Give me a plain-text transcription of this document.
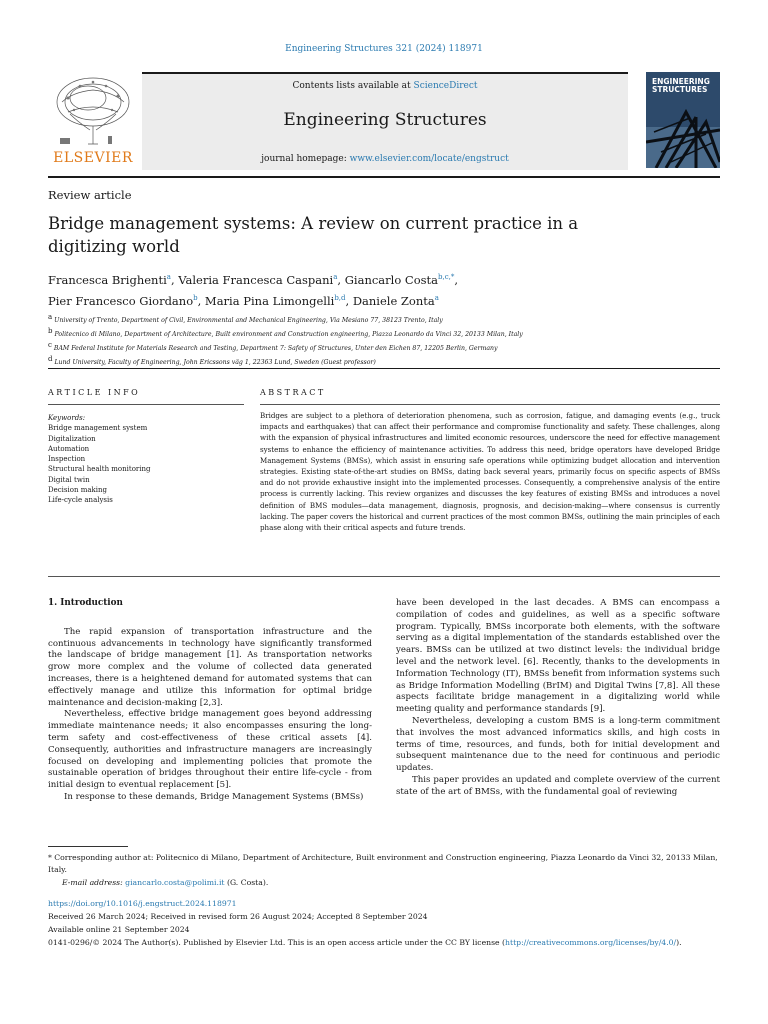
Engineering Structures 321 (2024) 118971
ELSEVIER
Contents lists available at ScienceDirect
Engineering Structures
journal homepage: www.elsevier.com/locate/engstruct
ENGINEERING
STRUCTURES
Review article
Bridge management systems: A review on current practice in a digitizing world
Francesca Brighenti$^a$, Valeria Francesca Caspani$^a$, Giancarlo Costa$^{b,c,*}$,
Pier Francesco Giordano$^b$, Maria Pina Limongelli$^{b,d}$, Daniele Zonta$^a$
$^a$ University of Trento, Department of Civil, Environmental and Mechanical Engineering, Via Mesiano 77, 38123 Trento, Italy
$^b$ Politecnico di Milano, Department of Architecture, Built environment and Construction engineering, Piazza Leonardo da Vinci 32, 20133 Milan, Italy
$^c$ BAM Federal Institute for Materials Research and Testing, Department 7: Safety of Structures, Unter den Eichen 87, 12205 Berlin, Germany
$^d$ Lund University, Faculty of Engineering, John Ericssons väg 1, 22363 Lund, Sweden (Guest professor)
ARTICLE INFO	ABSTRACT
Keywords:
Bridge management system
Digitalization
Automation
Inspection
Structural health monitoring
Digital twin
Decision making
Life-cycle analysis
Bridges are subject to a plethora of deterioration phenomena, such as corrosion, fatigue, and damaging events (e.g., truck impacts and earthquakes) that can affect their performance and compromise functionality and safety. These challenges, along with the expansion of physical infrastructures and limited economic resources, underscore the need for effective management systems to enhance the efficiency of maintenance activities. To address this need, bridge operators have developed Bridge Management Systems (BMSs), which assist in ensuring safe operations while optimizing budget allocation and intervention strategies. Existing state-of-the-art studies on BMSs, dating back several years, primarily focus on specific aspects of BMSs and do not provide exhaustive insight into the implemented processes. Consequently, a comprehensive analysis of the entire process is currently lacking. This review organizes and discusses the key features of existing BMSs and introduces a novel definition of BMS modules—data management, diagnosis, prognosis, and decision-making—where consensus is currently lacking. The paper covers the historical and current practices of the most common BMSs, outlining the main principles of each phase along with their critical aspects and future trends.
1. Introduction

The rapid expansion of transportation infrastructure and the continuous advancements in technology have significantly transformed the landscape of bridge management [1]. As transportation networks grow more complex and the volume of collected data generated increases, there is a heightened demand for automated systems that can effectively manage and utilize this information for optimal bridge maintenance and decision-making [2,3].

Nevertheless, effective bridge management goes beyond addressing immediate maintenance needs; it also encompasses ensuring the long-term safety and cost-effectiveness of these critical assets [4]. Consequently, authorities and infrastructure managers are increasingly focused on developing and implementing policies that promote the sustainable operation of bridges throughout their entire life-cycle - from initial design to eventual replacement [5].

In response to these demands, Bridge Management Systems (BMSs)

have been developed in the last decades. A BMS can encompass a compilation of codes and guidelines, as well as a specific software program. Typically, BMSs incorporate both elements, with the software serving as a digital implementation of the standards established over the years. BMSs can be utilized at two distinct levels: the individual bridge level and the network level. [6]. Recently, thanks to the developments in Information Technology (IT), BMSs benefit from information systems such as Bridge Information Modelling (BrIM) and Digital Twins [7,8]. All these aspects facilitate bridge management in a digitalizing world while meeting quality and performance standards [9].

Nevertheless, developing a custom BMS is a long-term commitment that involves the most advanced informatics skills, and high costs in terms of time, resources, and funds, both for initial development and subsequent maintenance due to the need for continuous and periodic updates.

This paper provides an updated and complete overview of the current state of the art of BMSs, with the fundamental goal of reviewing

* Corresponding author at: Politecnico di Milano, Department of Architecture, Built environment and Construction engineering, Piazza Leonardo da Vinci 32, 20133 Milan, Italy.
E-mail address: giancarlo.costa@polimi.it (G. Costa).
https://doi.org/10.1016/j.engstruct.2024.118971
Received 26 March 2024; Received in revised form 26 August 2024; Accepted 8 September 2024
Available online 21 September 2024
0141-0296/© 2024 The Author(s). Published by Elsevier Ltd. This is an open access article under the CC BY license (http://creativecommons.org/licenses/by/4.0/).
